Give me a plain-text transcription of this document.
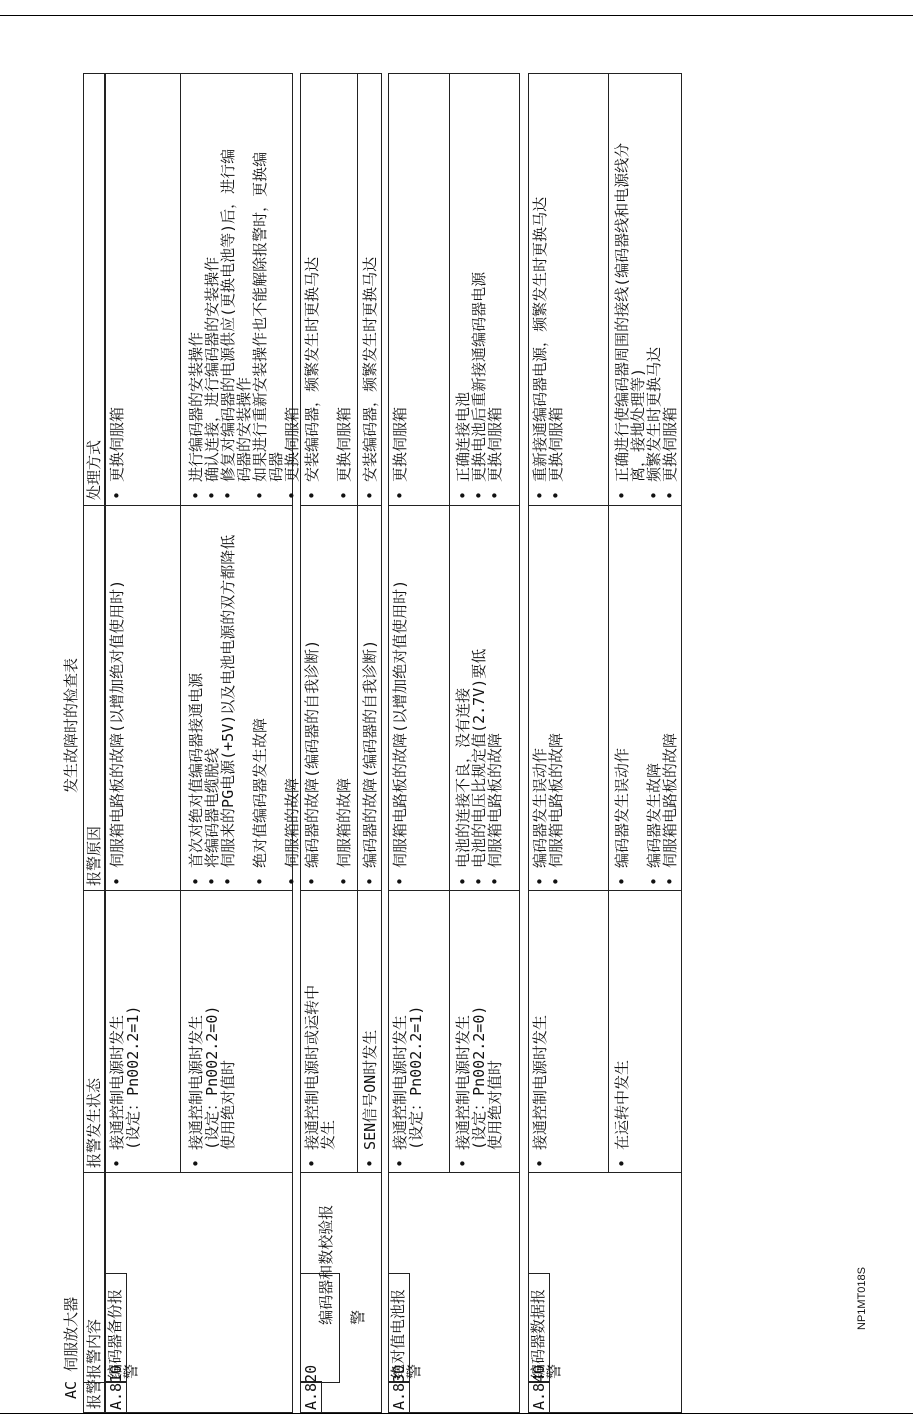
NP1MT018S
AC 伺服放大器
发生故障时的检查表
报警
报警内容
报警发生状态
报警原因
处理方式
A.810
编码器备份报警
• 接通控制电源时发生
(设定：Pn002.2=1)
• 伺服箱电路板的故障(以增加绝对值使用时)
• 更换伺服箱
• 接通控制电源时发生
(设定：Pn002.2=0)
使用绝对值时
• 首次对绝对值编码器接通电源
• 将编码器电缆脱线
• 伺服来的PG电源(+5V)以及电池电源的双方都降低

• 绝对值编码器发生故障

• 伺服箱的故障
• 进行编码器的安装操作
• 确认连接，进行编码器的安装操作
• 修复对编码器的电源供应(更换电池等)后，进行编
码器的安装操作
• 如果进行重新安装操作也不能解除报警时，更换编
码器
• 更换伺服箱
A.820

编码器和数校验报 警

• 接通控制电源时或运转中
发生
• 编码器的故障(编码器的自我诊断)

• 伺服箱的故障
• 安装编码器，频繁发生时更换马达

• 更换伺服箱
• SEN信号ON时发生
• 编码器的故障(编码器的自我诊断)
• 安装编码器，频繁发生时更换马达
A.830
绝对值电池报警
• 接通控制电源时发生
(设定：Pn002.2=1)
• 伺服箱电路板的故障(以增加绝对值使用时)
• 更换伺服箱
• 接通控制电源时发生
(设定：Pn002.2=0)
使用绝对值时
• 电池的连接不良，没有连接
• 电池的电压比规定值(2.7V)要低
• 伺服箱电路板的故障
• 正确连接电池
• 更换电池后重新接通编码器电源
• 更换伺服箱
A.840
编码器数据报警
• 接通控制电源时发生
• 编码器发生误动作
• 伺服箱电路板的故障
• 重新接通编码器电源，频繁发生时更换马达
• 更换伺服箱
• 在运转中发生
• 编码器发生误动作

• 编码器发生故障
• 伺服箱电路板的故障
• 正确进行使编码器周围的接线(编码器线和电源线分
离，接地处理等)
• 频繁发生时更换马达
• 更换伺服箱
